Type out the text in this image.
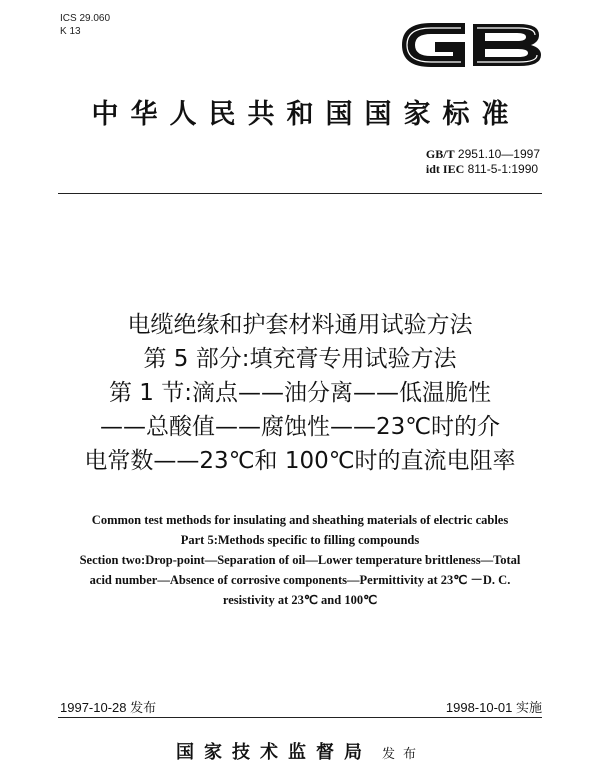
ICS 29.060
K 13
中华人民共和国国家标准
GB/T 2951.10—1997
idt IEC 811-5-1:1990
电缆绝缘和护套材料通用试验方法
第 5 部分:填充膏专用试验方法
第 1 节:滴点——油分离——低温脆性
——总酸值——腐蚀性——23℃时的介
电常数——23℃和 100℃时的直流电阻率
Common test methods for insulating and sheathing materials of electric cables
Part 5:Methods specific to filling compounds
Section two:Drop-point—Separation of oil—Lower temperature brittleness—Total
acid number—Absence of corrosive components—Permittivity at 23℃ －D. C.
resistivity at 23℃ and 100℃
1997-10-28 发布	1998-10-01 实施
国家技术监督局 发布
